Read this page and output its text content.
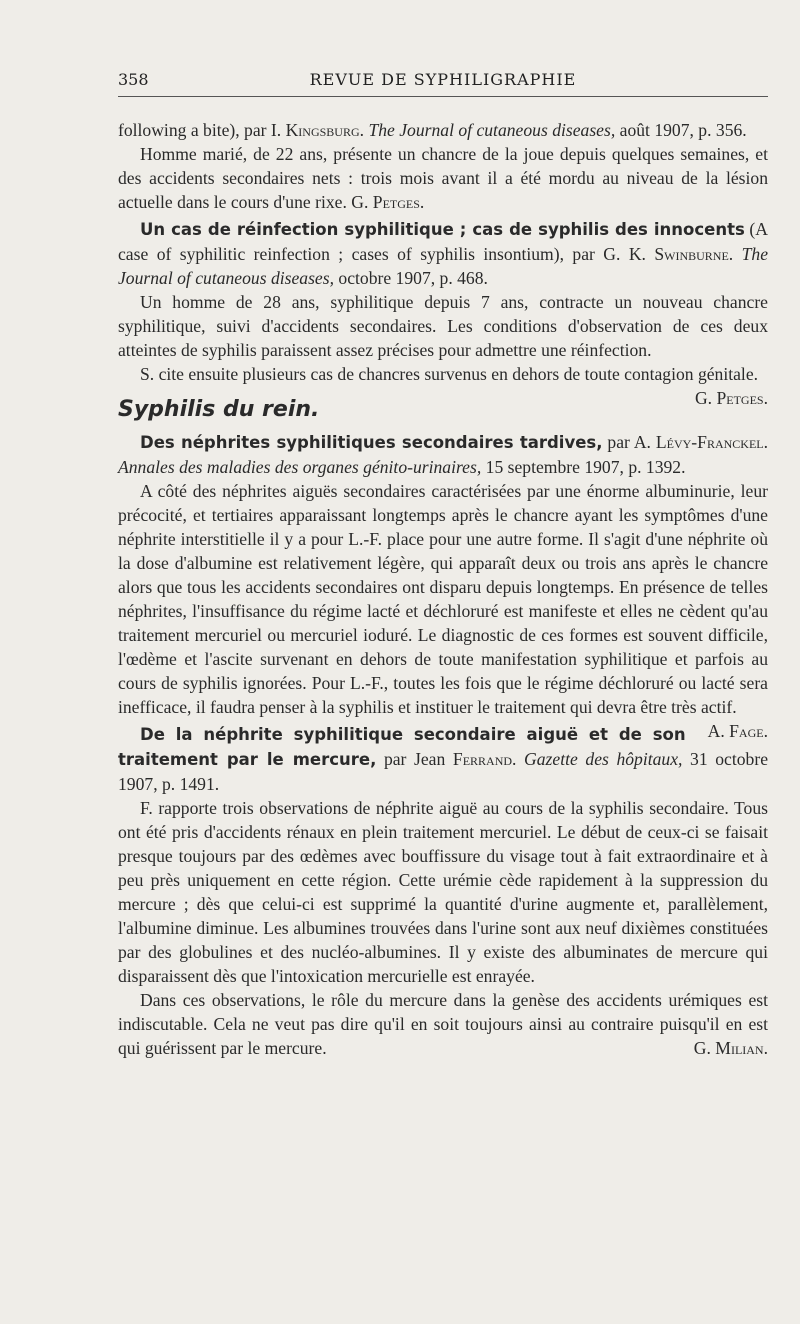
358	REVUE DE SYPHILIGRAPHIE

following a bite), par I. Kingsburg. The Journal of cutaneous diseases, août 1907, p. 356.

Homme marié, de 22 ans, présente un chancre de la joue depuis quelques semaines, et des accidents secondaires nets : trois mois avant il a été mordu au niveau de la lésion actuelle dans le cours d'une rixe. G. Petges.

Un cas de réinfection syphilitique ; cas de syphilis des innocents (A case of syphilitic reinfection ; cases of syphilis insontium), par G. K. Swinburne. The Journal of cutaneous diseases, octobre 1907, p. 468.

Un homme de 28 ans, syphilitique depuis 7 ans, contracte un nouveau chancre syphilitique, suivi d'accidents secondaires. Les conditions d'observation de ces deux atteintes de syphilis paraissent assez précises pour admettre une réinfection.

S. cite ensuite plusieurs cas de chancres survenus en dehors de toute contagion génitale.
G. Petges.

Syphilis du rein.

Des néphrites syphilitiques secondaires tardives, par A. Lévy-Franckel. Annales des maladies des organes génito-urinaires, 15 septembre 1907, p. 1392.

A côté des néphrites aiguës secondaires caractérisées par une énorme albuminurie, leur précocité, et tertiaires apparaissant longtemps après le chancre ayant les symptômes d'une néphrite interstitielle il y a pour L.-F. place pour une autre forme. Il s'agit d'une néphrite où la dose d'albumine est relativement légère, qui apparaît deux ou trois ans après le chancre alors que tous les accidents secondaires ont disparu depuis longtemps. En présence de telles néphrites, l'insuffisance du régime lacté et déchloruré est manifeste et elles ne cèdent qu'au traitement mercuriel ou mercuriel ioduré. Le diagnostic de ces formes est souvent difficile, l'œdème et l'ascite survenant en dehors de toute manifestation syphilitique et parfois au cours de syphilis ignorées. Pour L.-F., toutes les fois que le régime déchloruré ou lacté sera inefficace, il faudra penser à la syphilis et instituer le traitement qui devra être très actif.
A. Fage.

De la néphrite syphilitique secondaire aiguë et de son traitement par le mercure, par Jean Ferrand. Gazette des hôpitaux, 31 octobre 1907, p. 1491.

F. rapporte trois observations de néphrite aiguë au cours de la syphilis secondaire. Tous ont été pris d'accidents rénaux en plein traitement mercuriel. Le début de ceux-ci se faisait presque toujours par des œdèmes avec bouffissure du visage tout à fait extraordinaire et à peu près uniquement en cette région. Cette urémie cède rapidement à la suppression du mercure ; dès que celui-ci est supprimé la quantité d'urine augmente et, parallèlement, l'albumine diminue. Les albumines trouvées dans l'urine sont aux neuf dixièmes constituées par des globulines et des nucléo-albumines. Il y existe des albuminates de mercure qui disparaissent dès que l'intoxication mercurielle est enrayée.

Dans ces observations, le rôle du mercure dans la genèse des accidents urémiques est indiscutable. Cela ne veut pas dire qu'il en soit toujours ainsi au contraire puisqu'il en est qui guérissent par le mercure.	G. Milian.
